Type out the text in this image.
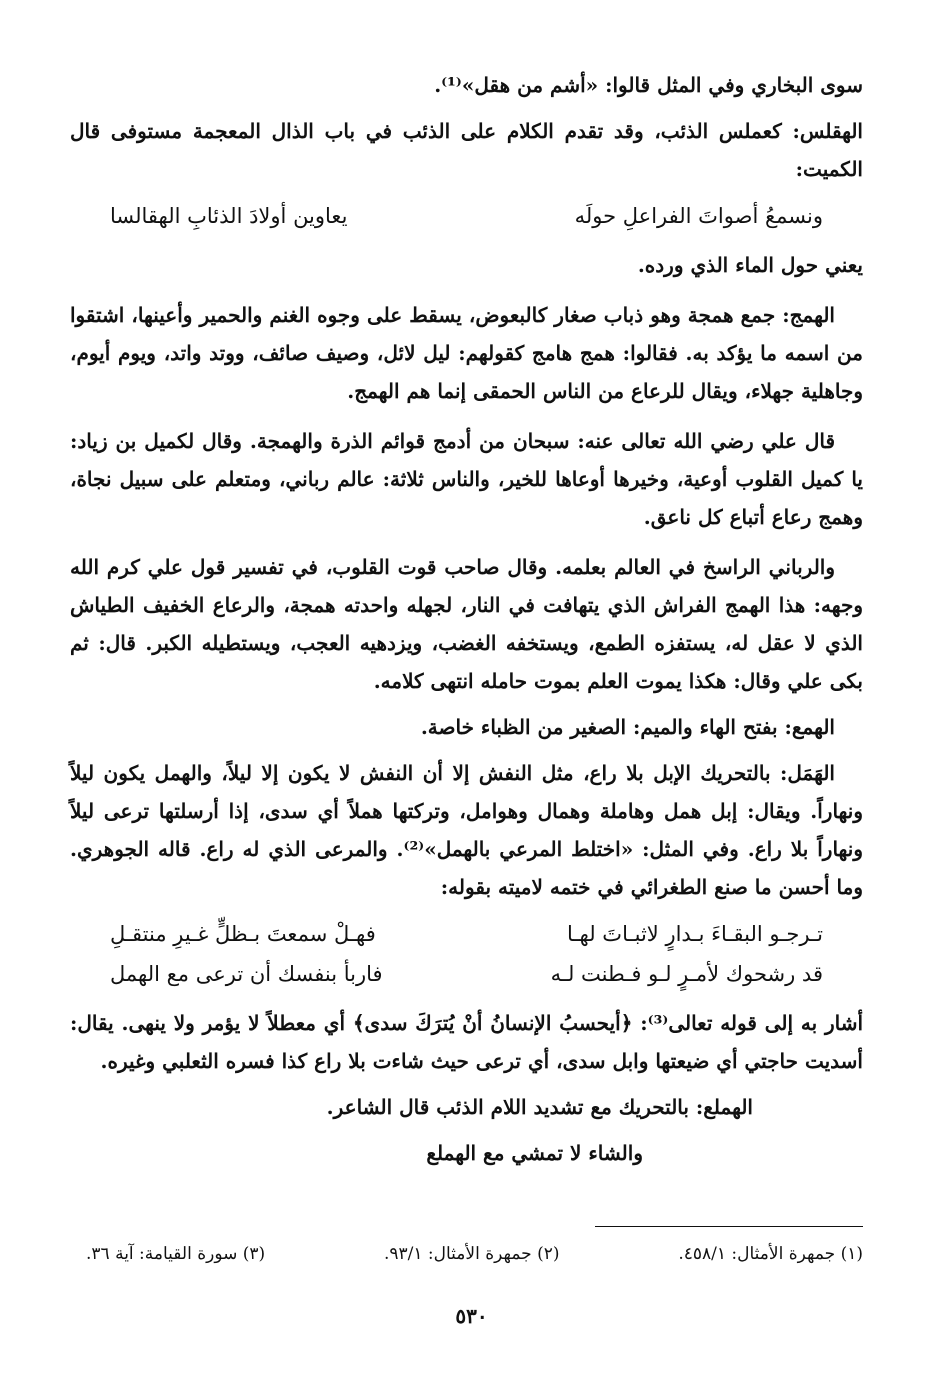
سوى البخاري وفي المثل قالوا: «أشم من هقل»⁽¹⁾.

الهقلس: كعملس الذئب، وقد تقدم الكلام على الذئب في باب الذال المعجمة مستوفى قال الكميت:

ونسمعُ أصواتَ الفراعلِ حولَه
يعاوين أولادَ الذئابِ الهقالسا

يعني حول الماء الذي ورده.

الهمج: جمع همجة وهو ذباب صغار كالبعوض، يسقط على وجوه الغنم والحمير وأعينها، اشتقوا من اسمه ما يؤكد به. فقالوا: همج هامج كقولهم: ليل لائل، وصيف صائف، ووتد واتد، ويوم أيوم، وجاهلية جهلاء، ويقال للرعاع من الناس الحمقى إنما هم الهمج.

قال علي رضي الله تعالى عنه: سبحان من أدمج قوائم الذرة والهمجة. وقال لكميل بن زياد: يا كميل القلوب أوعية، وخيرها أوعاها للخير، والناس ثلاثة: عالم رباني، ومتعلم على سبيل نجاة، وهمج رعاع أتباع كل ناعق.

والرباني الراسخ في العالم بعلمه. وقال صاحب قوت القلوب، في تفسير قول علي كرم الله وجهه: هذا الهمج الفراش الذي يتهافت في النار، لجهله واحدته همجة، والرعاع الخفيف الطياش الذي لا عقل له، يستفزه الطمع، ويستخفه الغضب، ويزدهيه العجب، ويستطيله الكبر. قال: ثم بكى علي وقال: هكذا يموت العلم بموت حامله انتهى كلامه.

الهمع: بفتح الهاء والميم: الصغير من الظباء خاصة.

الهَمَل: بالتحريك الإبل بلا راع، مثل النفش إلا أن النفش لا يكون إلا ليلاً، والهمل يكون ليلاً ونهاراً. ويقال: إبل همل وهاملة وهمال وهوامل، وتركتها هملاً أي سدى، إذا أرسلتها ترعى ليلاً ونهاراً بلا راع. وفي المثل: «اختلط المرعي بالهمل»⁽²⁾. والمرعى الذي له راع. قاله الجوهري. وما أحسن ما صنع الطغرائي في ختمه لاميته بقوله:

تـرجـو البقـاءَ بـدارٍ لاثبـاتَ لهـا
فهـلْ سمعتَ بـظلٍّ غـيرِ منتقـلِ
قد رشحوك لأمـرٍ لـو فـطنت لـه
فاربأ بنفسك أن ترعى مع الهمل

أشار به إلى قوله تعالى⁽³⁾: ﴿أيحسبُ الإنسانُ أنْ يُترَكَ سدى﴾ أي معطلاً لا يؤمر ولا ينهى. يقال: أسديت حاجتي أي ضيعتها وابل سدى، أي ترعى حيث شاءت بلا راع كذا فسره الثعلبي وغيره.

الهملع: بالتحريك مع تشديد اللام الذئب قال الشاعر.

والشاء لا تمشي مع الهملع

(١) جمهرة الأمثال: ٤٥٨/١.
(٢) جمهرة الأمثال: ٩٣/١.
(٣) سورة القيامة: آية ٣٦.
٥٣٠
